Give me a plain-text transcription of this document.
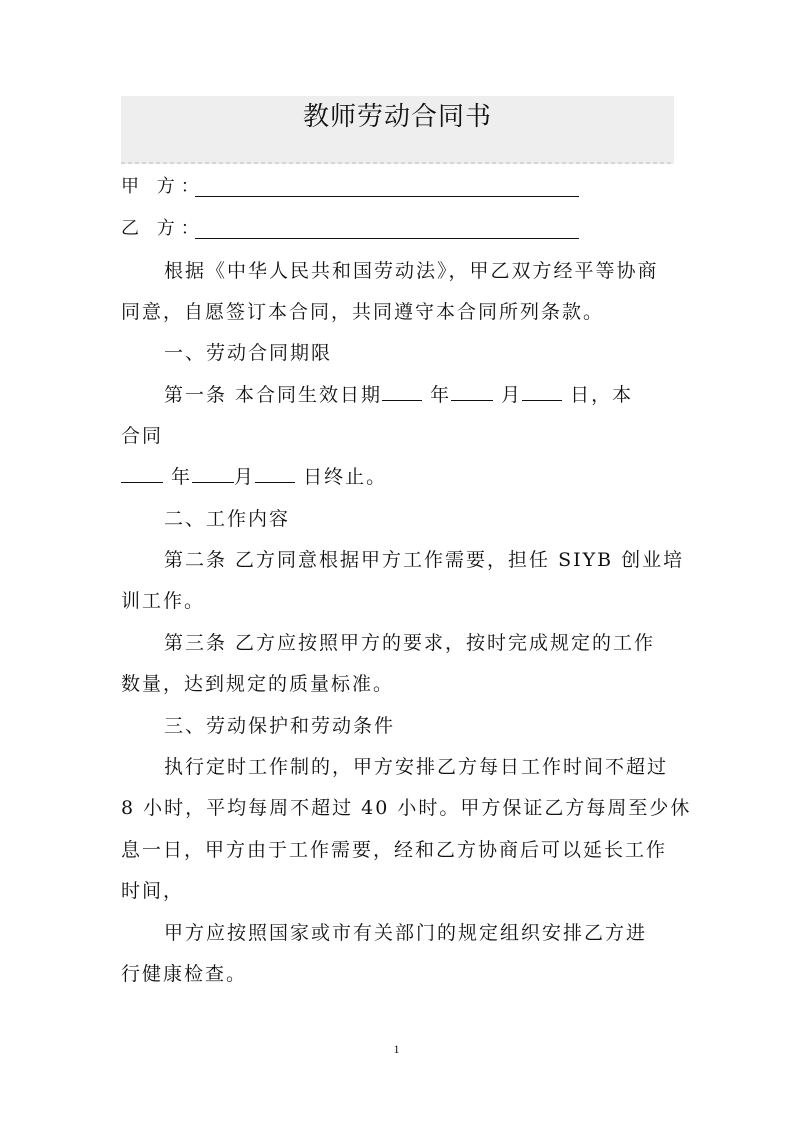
教师劳动合同书
甲 方：
乙 方：
根据《中华人民共和国劳动法》，甲乙双方经平等协商
同意，自愿签订本合同，共同遵守本合同所列条款。
一、劳动合同期限
第一条 本合同生效日期 年 月 日，本
合同
年 月 日终止。
二、工作内容
第二条 乙方同意根据甲方工作需要，担任 SIYB 创业培
训工作。
第三条 乙方应按照甲方的要求，按时完成规定的工作
数量，达到规定的质量标准。
三、劳动保护和劳动条件
执行定时工作制的，甲方安排乙方每日工作时间不超过
8 小时，平均每周不超过 40 小时。甲方保证乙方每周至少休
息一日，甲方由于工作需要，经和乙方协商后可以延长工作
时间，
甲方应按照国家或市有关部门的规定组织安排乙方进
行健康检查。
1
